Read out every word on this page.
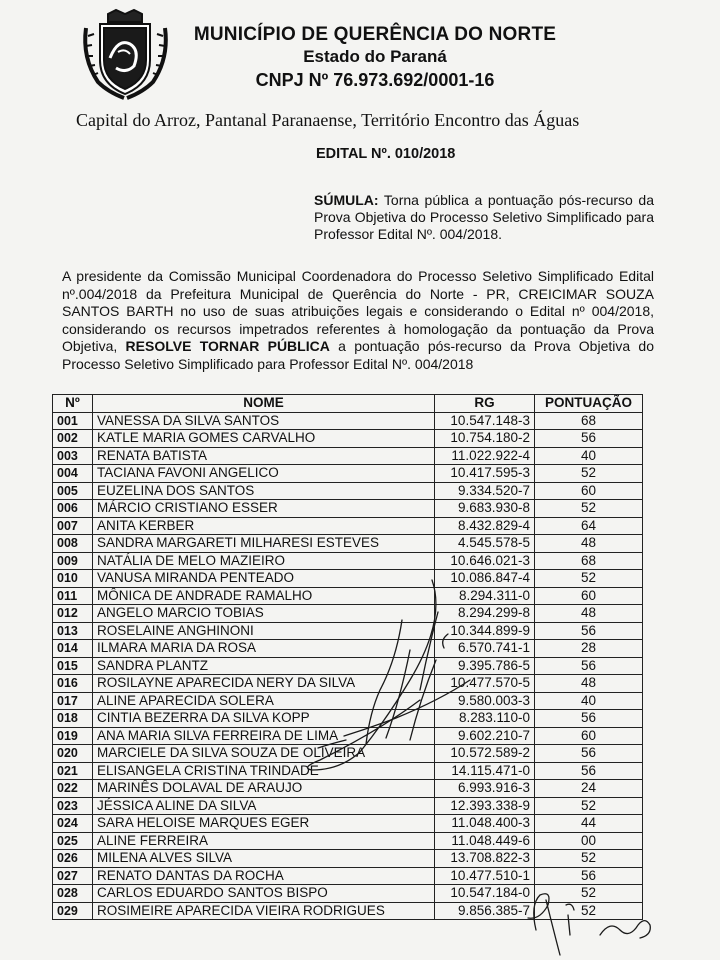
MUNICÍPIO DE QUERÊNCIA DO NORTE
Estado do Paraná
CNPJ Nº 76.973.692/0001-16
Capital do Arroz, Pantanal Paranaense, Território Encontro das Águas
EDITAL Nº. 010/2018
SÚMULA: Torna pública a pontuação pós-recurso da Prova Objetiva do Processo Seletivo Simplificado para Professor Edital Nº. 004/2018.
A presidente da Comissão Municipal Coordenadora do Processo Seletivo Simplificado Edital nº.004/2018 da Prefeitura Municipal de Querência do Norte - PR, CREICIMAR SOUZA SANTOS BARTH no uso de suas atribuições legais e considerando o Edital nº 004/2018, considerando os recursos impetrados referentes à homologação da pontuação da Prova Objetiva, RESOLVE TORNAR PÚBLICA a pontuação pós-recurso da Prova Objetiva do Processo Seletivo Simplificado para Professor Edital Nº. 004/2018
Nº	NOME	RG	PONTUAÇÃO
001	VANESSA DA SILVA SANTOS	10.547.148-3	68
002	KATLE MARIA GOMES CARVALHO	10.754.180-2	56
003	RENATA BATISTA	11.022.922-4	40
004	TACIANA FAVONI ANGELICO	10.417.595-3	52
005	EUZELINA DOS SANTOS	9.334.520-7	60
006	MÁRCIO CRISTIANO ESSER	9.683.930-8	52
007	ANITA KERBER	8.432.829-4	64
008	SANDRA MARGARETI MILHARESI ESTEVES	4.545.578-5	48
009	NATÁLIA DE MELO MAZIEIRO	10.646.021-3	68
010	VANUSA MIRANDA PENTEADO	10.086.847-4	52
011	MÔNICA DE ANDRADE RAMALHO	8.294.311-0	60
012	ANGELO MARCIO TOBIAS	8.294.299-8	48
013	ROSELAINE ANGHINONI	10.344.899-9	56
014	ILMARA MARIA DA ROSA	6.570.741-1	28
015	SANDRA PLANTZ	9.395.786-5	56
016	ROSILAYNE APARECIDA NERY DA SILVA	10.477.570-5	48
017	ALINE APARECIDA SOLERA	9.580.003-3	40
018	CINTIA BEZERRA DA SILVA KOPP	8.283.110-0	56
019	ANA MARIA SILVA FERREIRA DE LIMA	9.602.210-7	60
020	MARCIELE DA SILVA SOUZA DE OLIVEIRA	10.572.589-2	56
021	ELISANGELA CRISTINA TRINDADE	14.115.471-0	56
022	MARINÊS DOLAVAL DE ARAUJO	6.993.916-3	24
023	JÉSSICA ALINE DA SILVA	12.393.338-9	52
024	SARA HELOISE MARQUES EGER	11.048.400-3	44
025	ALINE FERREIRA	11.048.449-6	00
026	MILENA ALVES SILVA	13.708.822-3	52
027	RENATO DANTAS DA ROCHA	10.477.510-1	56
028	CARLOS EDUARDO SANTOS BISPO	10.547.184-0	52
029	ROSIMEIRE APARECIDA VIEIRA RODRIGUES	9.856.385-7	52
